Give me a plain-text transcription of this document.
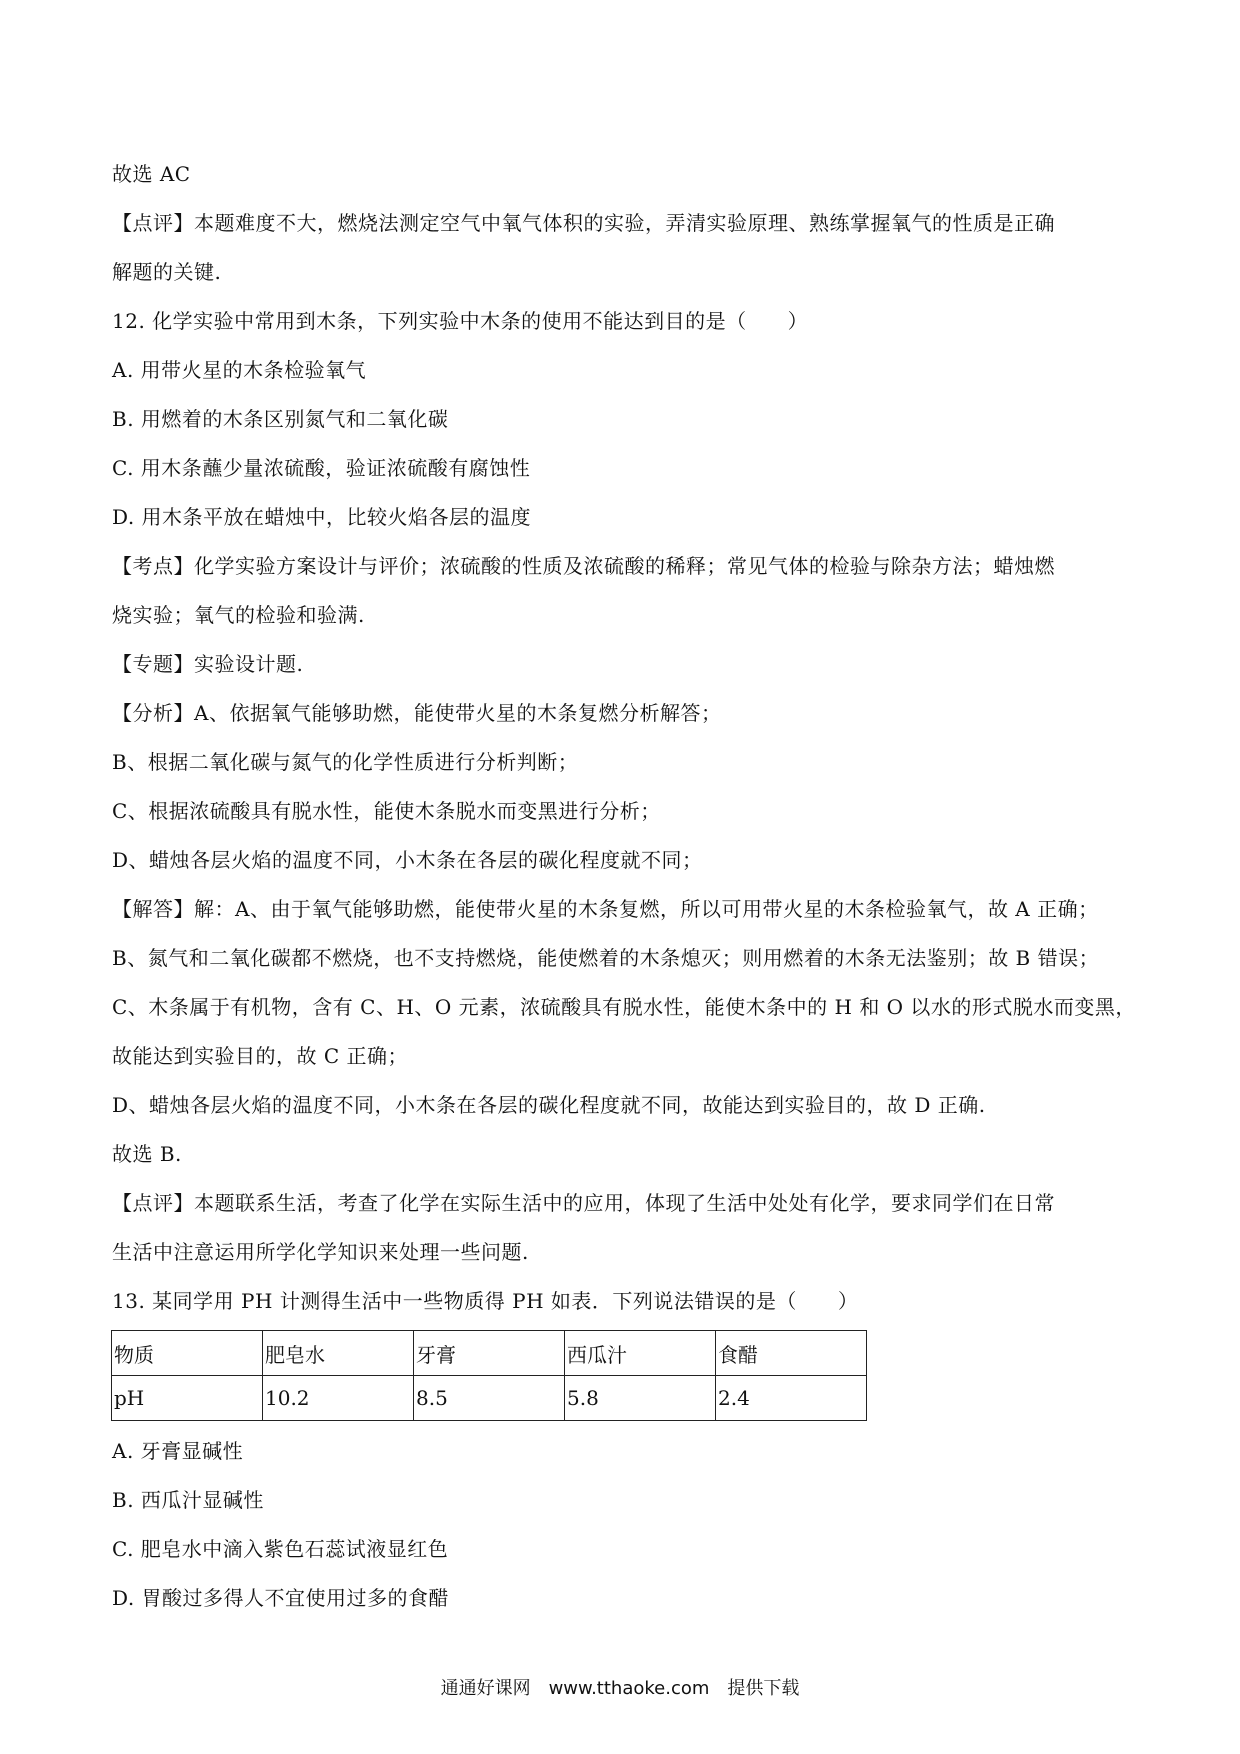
故选 AC
【点评】本题难度不大，燃烧法测定空气中氧气体积的实验，弄清实验原理、熟练掌握氧气的性质是正确
解题的关键.
12. 化学实验中常用到木条，下列实验中木条的使用不能达到目的是（　　）
A. 用带火星的木条检验氧气
B. 用燃着的木条区别氮气和二氧化碳
C. 用木条蘸少量浓硫酸，验证浓硫酸有腐蚀性
D. 用木条平放在蜡烛中，比较火焰各层的温度
【考点】化学实验方案设计与评价；浓硫酸的性质及浓硫酸的稀释；常见气体的检验与除杂方法；蜡烛燃
烧实验；氧气的检验和验满.
【专题】实验设计题.
【分析】A、依据氧气能够助燃，能使带火星的木条复燃分析解答；
B、根据二氧化碳与氮气的化学性质进行分析判断；
C、根据浓硫酸具有脱水性，能使木条脱水而变黑进行分析；
D、蜡烛各层火焰的温度不同，小木条在各层的碳化程度就不同；
【解答】解：A、由于氧气能够助燃，能使带火星的木条复燃，所以可用带火星的木条检验氧气，故 A 正确；
B、氮气和二氧化碳都不燃烧，也不支持燃烧，能使燃着的木条熄灭；则用燃着的木条无法鉴别；故 B 错误；
C、木条属于有机物，含有 C、H、O 元素，浓硫酸具有脱水性，能使木条中的 H 和 O 以水的形式脱水而变黑，
故能达到实验目的，故 C 正确；
D、蜡烛各层火焰的温度不同，小木条在各层的碳化程度就不同，故能达到实验目的，故 D 正确.
故选 B.
【点评】本题联系生活，考查了化学在实际生活中的应用，体现了生活中处处有化学，要求同学们在日常
生活中注意运用所学化学知识来处理一些问题.
13. 某同学用 PH 计测得生活中一些物质得 PH 如表．下列说法错误的是（　　）
物质	肥皂水	牙膏	西瓜汁	食醋
pH	10.2	8.5	5.8	2.4
A. 牙膏显碱性
B. 西瓜汁显碱性
C. 肥皂水中滴入紫色石蕊试液显红色
D. 胃酸过多得人不宜使用过多的食醋
通通好课网　www.tthaoke.com　提供下载
